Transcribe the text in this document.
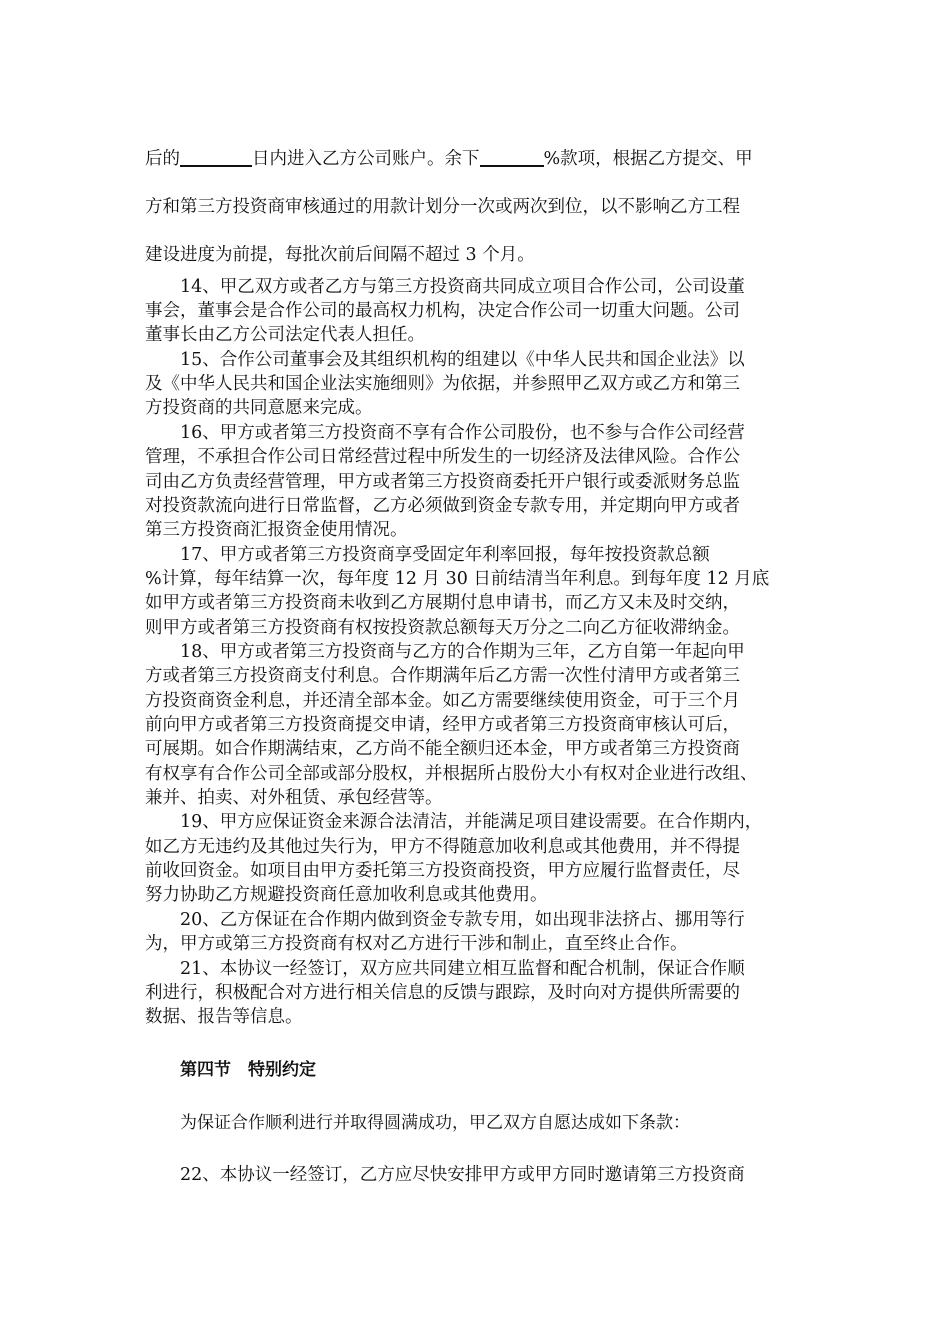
后的	日内进入乙方公司账户。余下	%款项，根据乙方提交、甲
方和第三方投资商审核通过的用款计划分一次或两次到位，以不影响乙方工程
建设进度为前提，每批次前后间隔不超过 3 个月。
14、甲乙双方或者乙方与第三方投资商共同成立项目合作公司，公司设董
事会，董事会是合作公司的最高权力机构，决定合作公司一切重大问题。公司
董事长由乙方公司法定代表人担任。
15、合作公司董事会及其组织机构的组建以《中华人民共和国企业法》以
及《中华人民共和国企业法实施细则》为依据，并参照甲乙双方或乙方和第三
方投资商的共同意愿来完成。
16、甲方或者第三方投资商不享有合作公司股份，也不参与合作公司经营
管理，不承担合作公司日常经营过程中所发生的一切经济及法律风险。合作公
司由乙方负责经营管理，甲方或者第三方投资商委托开户银行或委派财务总监
对投资款流向进行日常监督，乙方必须做到资金专款专用，并定期向甲方或者
第三方投资商汇报资金使用情况。
17、甲方或者第三方投资商享受固定年利率回报，每年按投资款总额
%计算，每年结算一次，每年度 12 月 30 日前结清当年利息。到每年度 12 月底
如甲方或者第三方投资商未收到乙方展期付息申请书，而乙方又未及时交纳，
则甲方或者第三方投资商有权按投资款总额每天万分之二向乙方征收滞纳金。
18、甲方或者第三方投资商与乙方的合作期为三年，乙方自第一年起向甲
方或者第三方投资商支付利息。合作期满年后乙方需一次性付清甲方或者第三
方投资商资金利息，并还清全部本金。如乙方需要继续使用资金，可于三个月
前向甲方或者第三方投资商提交申请，经甲方或者第三方投资商审核认可后，
可展期。如合作期满结束，乙方尚不能全额归还本金，甲方或者第三方投资商
有权享有合作公司全部或部分股权，并根据所占股份大小有权对企业进行改组、
兼并、拍卖、对外租赁、承包经营等。
19、甲方应保证资金来源合法清洁，并能满足项目建设需要。在合作期内，
如乙方无违约及其他过失行为，甲方不得随意加收利息或其他费用，并不得提
前收回资金。如项目由甲方委托第三方投资商投资，甲方应履行监督责任，尽
努力协助乙方规避投资商任意加收利息或其他费用。
20、乙方保证在合作期内做到资金专款专用，如出现非法挤占、挪用等行
为，甲方或第三方投资商有权对乙方进行干涉和制止，直至终止合作。
21、本协议一经签订，双方应共同建立相互监督和配合机制，保证合作顺
利进行，积极配合对方进行相关信息的反馈与跟踪，及时向对方提供所需要的
数据、报告等信息。
第四节　特别约定
为保证合作顺利进行并取得圆满成功，甲乙双方自愿达成如下条款：
22、本协议一经签订，乙方应尽快安排甲方或甲方同时邀请第三方投资商
